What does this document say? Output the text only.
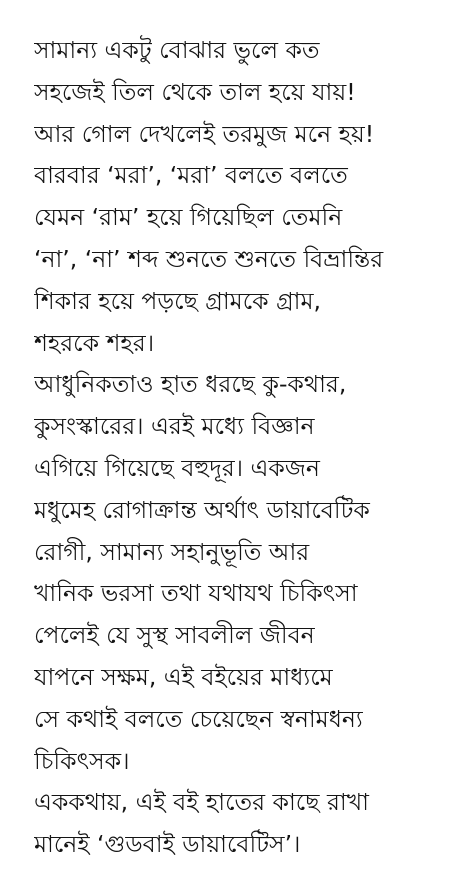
সামান্য একটু বোঝার ভুলে কত
সহজেই তিল থেকে তাল হয়ে যায়!
আর গোল দেখলেই তরমুজ মনে হয়!
বারবার ‘মরা’, ‘মরা’ বলতে বলতে
যেমন ‘রাম’ হয়ে গিয়েছিল তেমনি
‘না’, ‘না’ শব্দ শুনতে শুনতে বিভ্রান্তির
শিকার হয়ে পড়ছে গ্রামকে গ্রাম,
শহরকে শহর।
আধুনিকতাও হাত ধরছে কু-কথার,
কুসংস্কারের। এরই মধ্যে বিজ্ঞান
এগিয়ে গিয়েছে বহুদূর। একজন
মধুমেহ রোগাক্রান্ত অর্থাৎ ডায়াবেটিক
রোগী, সামান্য সহানুভূতি আর
খানিক ভরসা তথা যথাযথ চিকিৎসা
পেলেই যে সুস্থ সাবলীল জীবন
যাপনে সক্ষম, এই বইয়ের মাধ্যমে
সে কথাই বলতে চেয়েছেন স্বনামধন্য
চিকিৎসক।
এককথায়, এই বই হাতের কাছে রাখা
মানেই ‘গুডবাই ডায়াবেটিস’।
